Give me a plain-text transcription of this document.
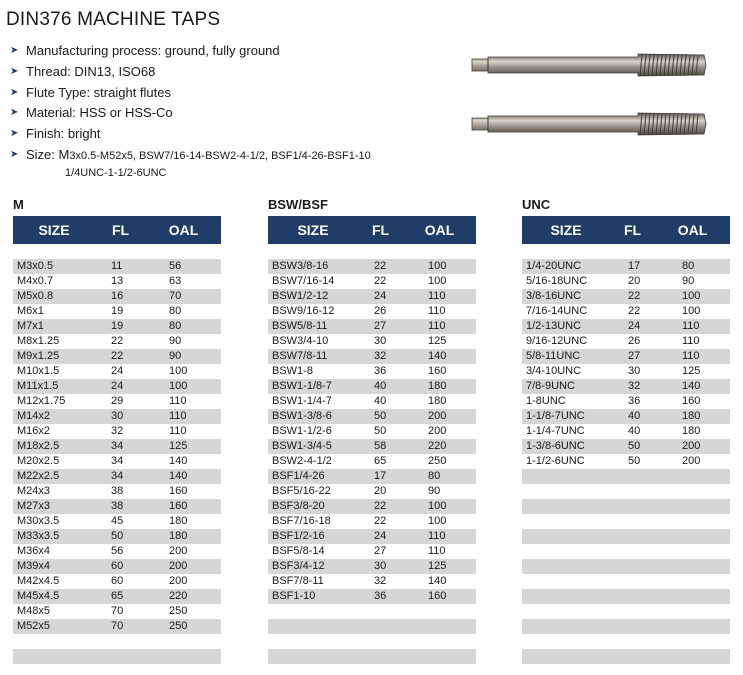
DIN376 MACHINE TAPS
➤ Manufacturing process: ground, fully ground
➤ Thread: DIN13, ISO68
➤ Flute Type: straight flutes
➤ Material: HSS or HSS-Co
➤ Finish: bright
➤ Size: M3x0.5-M52x5, BSW7/16-14-BSW2-4-1/2, BSF1/4-26-BSF1-10
1/4UNC-1-1/2-6UNC
M
SIZE	FL	OAL
M3x0.5	11	56
M4x0.7	13	63
M5x0.8	16	70
M6x1	19	80
M7x1	19	80
M8x1.25	22	90
M9x1.25	22	90
M10x1.5	24	100
M11x1.5	24	100
M12x1.75	29	110
M14x2	30	110
M16x2	32	110
M18x2.5	34	125
M20x2.5	34	140
M22x2.5	34	140
M24x3	38	160
M27x3	38	160
M30x3.5	45	180
M33x3.5	50	180
M36x4	56	200
M39x4	60	200
M42x4.5	60	200
M45x4.5	65	220
M48x5	70	250
M52x5	70	250
BSW/BSF
SIZE	FL	OAL
BSW3/8-16	22	100
BSW7/16-14	22	100
BSW1/2-12	24	110
BSW9/16-12	26	110
BSW5/8-11	27	110
BSW3/4-10	30	125
BSW7/8-11	32	140
BSW1-8	36	160
BSW1-1/8-7	40	180
BSW1-1/4-7	40	180
BSW1-3/8-6	50	200
BSW1-1/2-6	50	200
BSW1-3/4-5	58	220
BSW2-4-1/2	65	250
BSF1/4-26	17	80
BSF5/16-22	20	90
BSF3/8-20	22	100
BSF7/16-18	22	100
BSF1/2-16	24	110
BSF5/8-14	27	110
BSF3/4-12	30	125
BSF7/8-11	32	140
BSF1-10	36	160
UNC
SIZE	FL	OAL
1/4-20UNC	17	80
5/16-18UNC	20	90
3/8-16UNC	22	100
7/16-14UNC	22	100
1/2-13UNC	24	110
9/16-12UNC	26	110
5/8-11UNC	27	110
3/4-10UNC	30	125
7/8-9UNC	32	140
1-8UNC	36	160
1-1/8-7UNC	40	180
1-1/4-7UNC	40	180
1-3/8-6UNC	50	200
1-1/2-6UNC	50	200
